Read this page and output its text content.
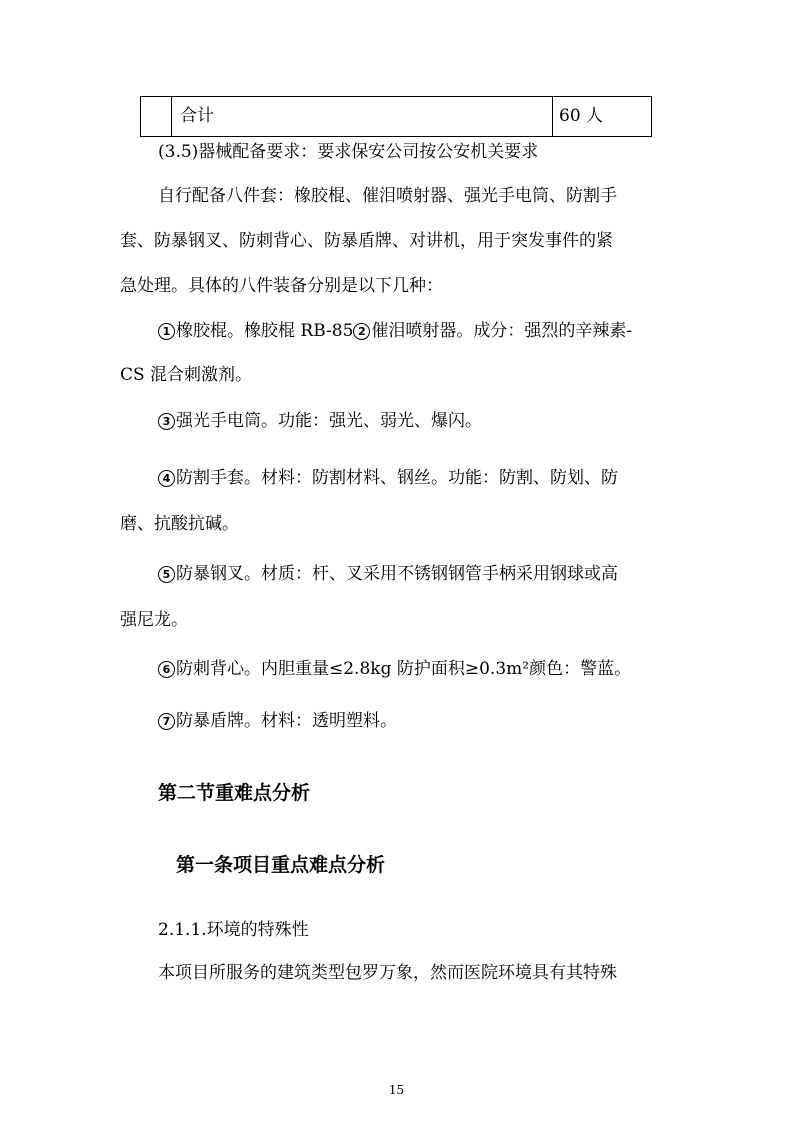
	合计	60 人
(3.5)器械配备要求：要求保安公司按公安机关要求
自行配备八件套：橡胶棍、催泪喷射器、强光手电筒、防割手
套、防暴钢叉、防刺背心、防暴盾牌、对讲机，用于突发事件的紧
急处理。具体的八件装备分别是以下几种：
1 橡胶棍。橡胶棍 RB-85 2 催泪喷射器。成分：强烈的辛辣素-
CS 混合刺激剂。
3 强光手电筒。功能：强光、弱光、爆闪。
4 防割手套。材料：防割材料、钢丝。功能：防割、防划、防
磨、抗酸抗碱。
5 防暴钢叉。材质：杆、叉采用不锈钢钢管手柄采用钢球或高
强尼龙。
6 防刺背心。内胆重量≤2.8kg 防护面积≥0.3m²颜色：警蓝。
7 防暴盾牌。材料：透明塑料。
第二节重难点分析
第一条项目重点难点分析
2.1.1.环境的特殊性
本项目所服务的建筑类型包罗万象，然而医院环境具有其特殊
15
